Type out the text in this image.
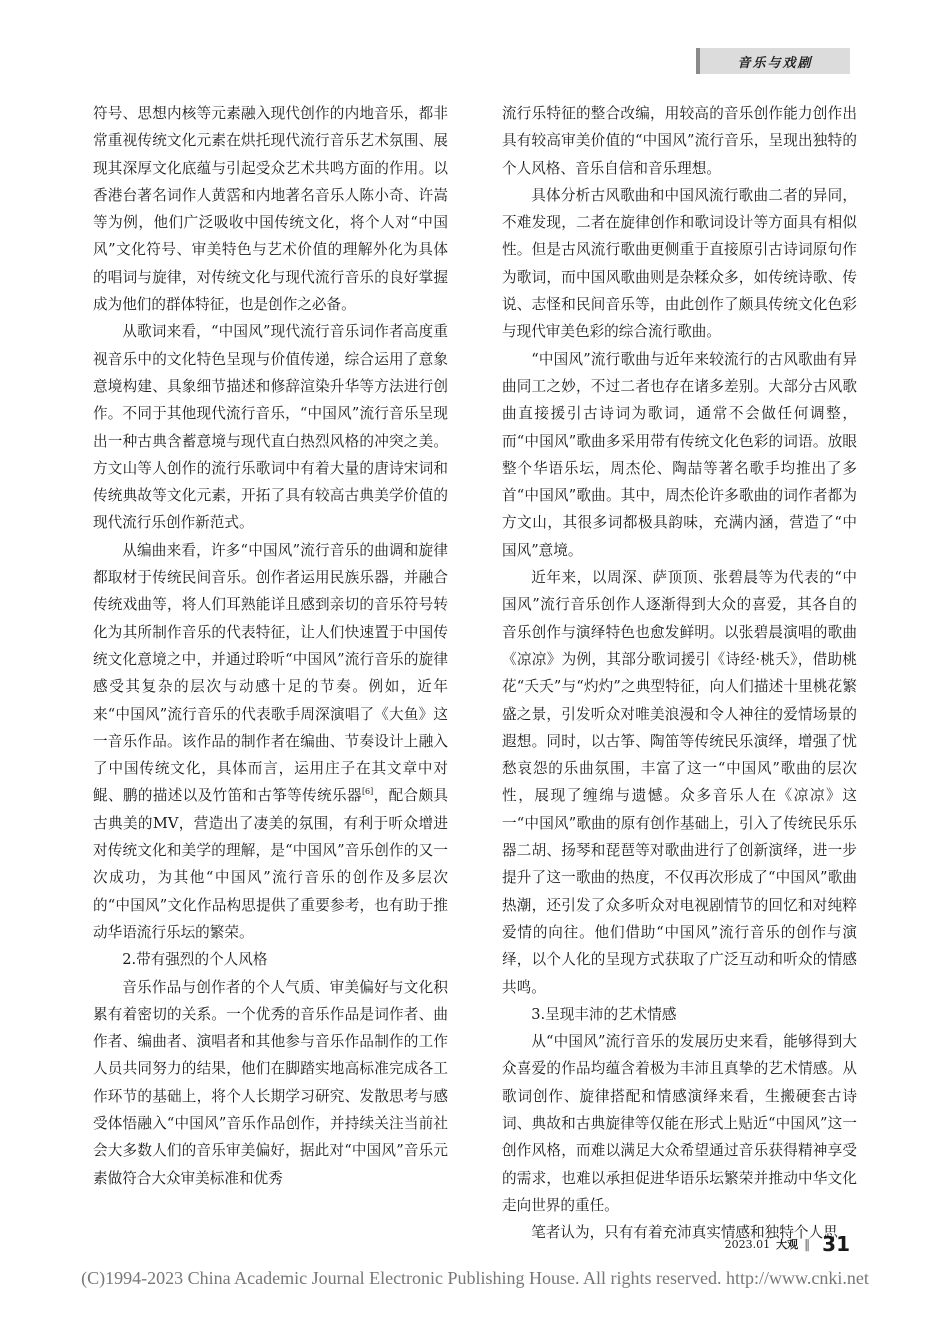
音乐与戏剧

符号、思想内核等元素融入现代创作的内地音乐，都非常重视传统文化元素在烘托现代流行音乐艺术氛围、展现其深厚文化底蕴与引起受众艺术共鸣方面的作用。以香港台著名词作人黄霑和内地著名音乐人陈小奇、许嵩等为例，他们广泛吸收中国传统文化，将个人对“中国风”文化符号、审美特色与艺术价值的理解外化为具体的唱词与旋律，对传统文化与现代流行音乐的良好掌握成为他们的群体特征，也是创作之必备。

从歌词来看，“中国风”现代流行音乐词作者高度重视音乐中的文化特色呈现与价值传递，综合运用了意象意境构建、具象细节描述和修辞渲染升华等方法进行创作。不同于其他现代流行音乐，“中国风”流行音乐呈现出一种古典含蓄意境与现代直白热烈风格的冲突之美。方文山等人创作的流行乐歌词中有着大量的唐诗宋词和传统典故等文化元素，开拓了具有较高古典美学价值的现代流行乐创作新范式。

从编曲来看，许多“中国风”流行音乐的曲调和旋律都取材于传统民间音乐。创作者运用民族乐器，并融合传统戏曲等，将人们耳熟能详且感到亲切的音乐符号转化为其所制作音乐的代表特征，让人们快速置于中国传统文化意境之中，并通过聆听“中国风”流行音乐的旋律感受其复杂的层次与动感十足的节奏。例如，近年来“中国风”流行音乐的代表歌手周深演唱了《大鱼》这一音乐作品。该作品的制作者在编曲、节奏设计上融入了中国传统文化，具体而言，运用庄子在其文章中对鲲、鹏的描述以及竹笛和古筝等传统乐器[6]，配合颇具古典美的MV，营造出了凄美的氛围，有利于听众增进对传统文化和美学的理解，是“中国风”音乐创作的又一次成功，为其他“中国风”流行音乐的创作及多层次的“中国风”文化作品构思提供了重要参考，也有助于推动华语流行乐坛的繁荣。

2.带有强烈的个人风格

音乐作品与创作者的个人气质、审美偏好与文化积累有着密切的关系。一个优秀的音乐作品是词作者、曲作者、编曲者、演唱者和其他参与音乐作品制作的工作人员共同努力的结果，他们在脚踏实地高标准完成各工作环节的基础上，将个人长期学习研究、发散思考与感受体悟融入“中国风”音乐作品创作，并持续关注当前社会大多数人们的音乐审美偏好，据此对“中国风”音乐元素做符合大众审美标准和优秀

流行乐特征的整合改编，用较高的音乐创作能力创作出具有较高审美价值的“中国风”流行音乐，呈现出独特的个人风格、音乐自信和音乐理想。

具体分析古风歌曲和中国风流行歌曲二者的异同，不难发现，二者在旋律创作和歌词设计等方面具有相似性。但是古风流行歌曲更侧重于直接原引古诗词原句作为歌词，而中国风歌曲则是杂糅众多，如传统诗歌、传说、志怪和民间音乐等，由此创作了颇具传统文化色彩与现代审美色彩的综合流行歌曲。

“中国风”流行歌曲与近年来较流行的古风歌曲有异曲同工之妙，不过二者也存在诸多差别。大部分古风歌曲直接援引古诗词为歌词，通常不会做任何调整，而“中国风”歌曲多采用带有传统文化色彩的词语。放眼整个华语乐坛，周杰伦、陶喆等著名歌手均推出了多首“中国风”歌曲。其中，周杰伦许多歌曲的词作者都为方文山，其很多词都极具韵味，充满内涵，营造了“中国风”意境。

近年来，以周深、萨顶顶、张碧晨等为代表的“中国风”流行音乐创作人逐渐得到大众的喜爱，其各自的音乐创作与演绎特色也愈发鲜明。以张碧晨演唱的歌曲《凉凉》为例，其部分歌词援引《诗经·桃夭》，借助桃花“夭夭”与“灼灼”之典型特征，向人们描述十里桃花繁盛之景，引发听众对唯美浪漫和令人神往的爱情场景的遐想。同时，以古筝、陶笛等传统民乐演绎，增强了忧愁哀怨的乐曲氛围，丰富了这一“中国风”歌曲的层次性，展现了缠绵与遗憾。众多音乐人在《凉凉》这一“中国风”歌曲的原有创作基础上，引入了传统民乐乐器二胡、扬琴和琵琶等对歌曲进行了创新演绎，进一步提升了这一歌曲的热度，不仅再次形成了“中国风”歌曲热潮，还引发了众多听众对电视剧情节的回忆和对纯粹爱情的向往。他们借助“中国风”流行音乐的创作与演绎，以个人化的呈现方式获取了广泛互动和听众的情感共鸣。

3.呈现丰沛的艺术情感

从“中国风”流行音乐的发展历史来看，能够得到大众喜爱的作品均蕴含着极为丰沛且真挚的艺术情感。从歌词创作、旋律搭配和情感演绎来看，生搬硬套古诗词、典故和古典旋律等仅能在形式上贴近“中国风”这一创作风格，而难以满足大众希望通过音乐获得精神享受的需求，也难以承担促进华语乐坛繁荣并推动中华文化走向世界的重任。

笔者认为，只有有着充沛真实情感和独特个人思

2023.01 大观 ‖ 31
(C)1994-2023 China Academic Journal Electronic Publishing House. All rights reserved. http://www.cnki.net
